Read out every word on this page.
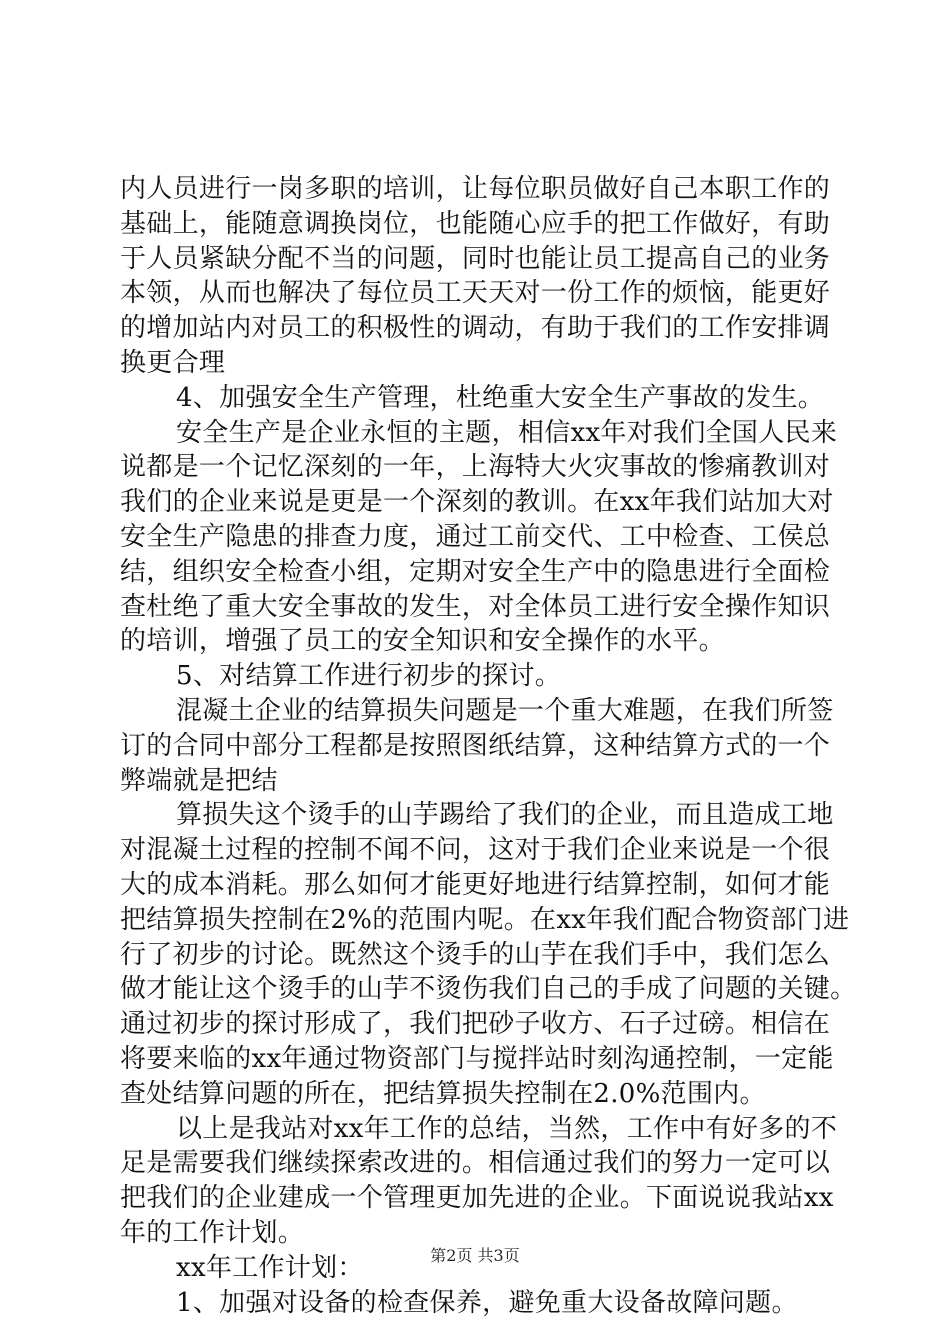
内人员进行一岗多职的培训，让每位职员做好自己本职工作的
基础上，能随意调换岗位，也能随心应手的把工作做好，有助
于人员紧缺分配不当的问题，同时也能让员工提高自己的业务
本领，从而也解决了每位员工天天对一份工作的烦恼，能更好
的增加站内对员工的积极性的调动，有助于我们的工作安排调
换更合理
4、加强安全生产管理，杜绝重大安全生产事故的发生。
安全生产是企业永恒的主题，相信xx年对我们全国人民来
说都是一个记忆深刻的一年，上海特大火灾事故的惨痛教训对
我们的企业来说是更是一个深刻的教训。在xx年我们站加大对
安全生产隐患的排查力度，通过工前交代、工中检查、工侯总
结，组织安全检查小组，定期对安全生产中的隐患进行全面检
查杜绝了重大安全事故的发生，对全体员工进行安全操作知识
的培训，增强了员工的安全知识和安全操作的水平。
5、对结算工作进行初步的探讨。
混凝土企业的结算损失问题是一个重大难题，在我们所签
订的合同中部分工程都是按照图纸结算，这种结算方式的一个
弊端就是把结
算损失这个烫手的山芋踢给了我们的企业，而且造成工地
对混凝土过程的控制不闻不问，这对于我们企业来说是一个很
大的成本消耗。那么如何才能更好地进行结算控制，如何才能
把结算损失控制在2%的范围内呢。在xx年我们配合物资部门进
行了初步的讨论。既然这个烫手的山芋在我们手中，我们怎么
做才能让这个烫手的山芋不烫伤我们自己的手成了问题的关键。
通过初步的探讨形成了，我们把砂子收方、石子过磅。相信在
将要来临的xx年通过物资部门与搅拌站时刻沟通控制，一定能
查处结算问题的所在，把结算损失控制在2.0%范围内。
以上是我站对xx年工作的总结，当然，工作中有好多的不
足是需要我们继续探索改进的。相信通过我们的努力一定可以
把我们的企业建成一个管理更加先进的企业。下面说说我站xx
年的工作计划。
xx年工作计划：
1、加强对设备的检查保养，避免重大设备故障问题。
第2页 共3页
